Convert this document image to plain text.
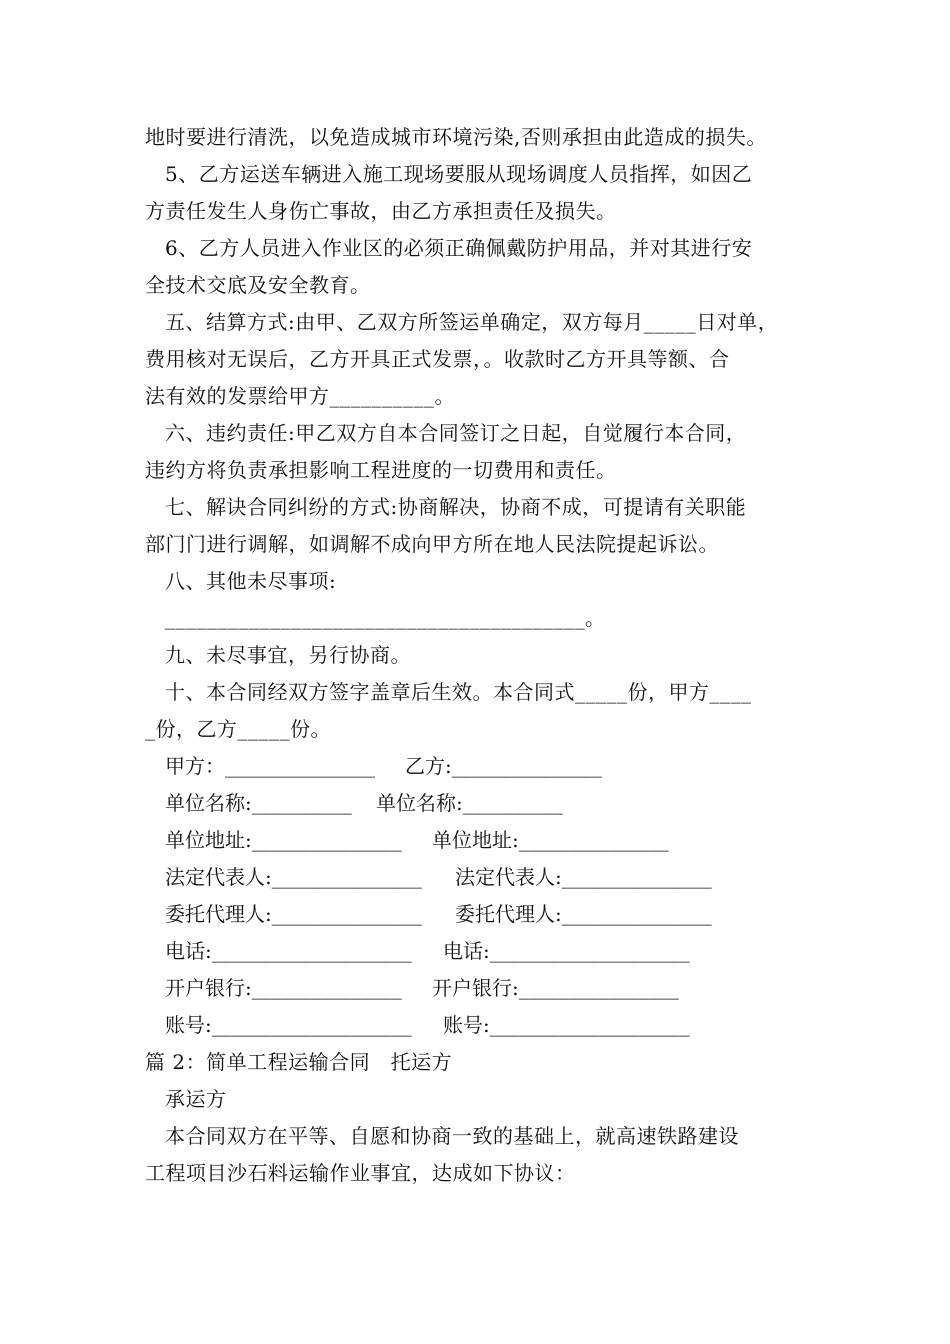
地时要进行清洗，以免造成城市环境污染,否则承担由此造成的损失。
5、乙方运送车辆进入施工现场要服从现场调度人员指挥，如因乙
方责任发生人身伤亡事故，由乙方承担责任及损失。
6、乙方人员进入作业区的必须正确佩戴防护用品，并对其进行安
全技术交底及安全教育。
五、结算方式:由甲、乙双方所签运单确定，双方每月_____日对单，
费用核对无误后，乙方开具正式发票，。收款时乙方开具等额、合
法有效的发票给甲方__________。
六、违约责任:甲乙双方自本合同签订之日起，自觉履行本合同，
违约方将负责承担影响工程进度的一切费用和责任。
七、解诀合同纠纷的方式:协商解决，协商不成，可提请有关职能
部门门进行调解，如调解不成向甲方所在地人民法院提起诉讼。
八、其他未尽事项:
________________________________________。
九、未尽事宜，另行协商。
十、本合同经双方签字盖章后生效。本合同式_____份，甲方____
_份，乙方_____份。
甲方：_______________ 乙方:_______________
单位名称:__________ 单位名称:__________
单位地址:_______________ 单位地址:_______________
法定代表人:_______________ 法定代表人:_______________
委托代理人:_______________ 委托代理人:_______________
电话:____________________ 电话:____________________
开户银行:_______________ 开户银行:________________
账号:____________________ 账号:____________________
篇 2：简单工程运输合同　托运方
承运方
本合同双方在平等、自愿和协商一致的基础上，就高速铁路建设
工程项目沙石料运输作业事宜，达成如下协议：
